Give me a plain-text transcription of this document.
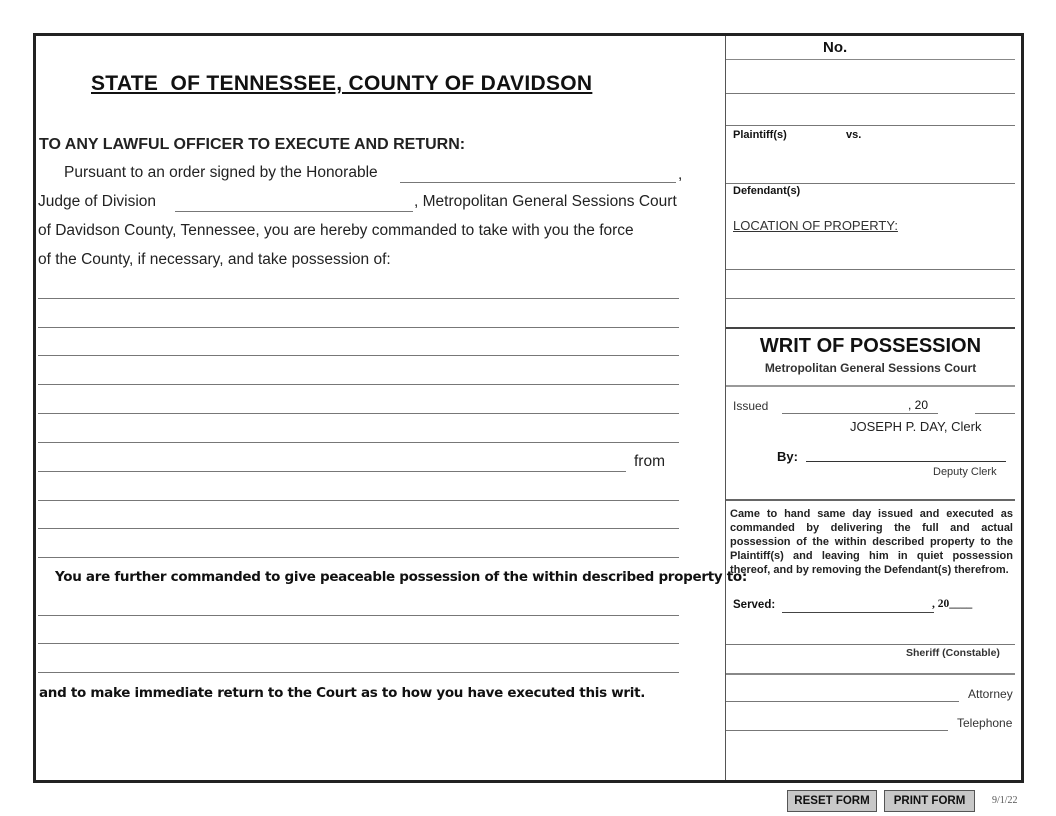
STATE  OF TENNESSEE, COUNTY OF DAVIDSON
TO ANY LAWFUL OFFICER TO EXECUTE AND RETURN:
Pursuant to an order signed by the Honorable	,
Judge of Division	, Metropolitan General Sessions Court
of Davidson County, Tennessee, you are hereby commanded to take with you the force
of the County, if necessary, and take possession of:
from
You are further commanded to give peaceable possession of the within described property to:
and to make immediate return to the Court as to how you have executed this writ.
No.
Plaintiff(s)	vs.
Defendant(s)
LOCATION OF PROPERTY:
WRIT OF POSSESSION
Metropolitan General Sessions Court
Issued	, 20
JOSEPH P. DAY, Clerk
By:
Deputy Clerk
Came to hand same day issued and executed as commanded by delivering the full and actual possession of the within described property to the Plaintiff(s) and leaving him in quiet possession thereof, and by removing the Defendant(s) therefrom.
Served:	, 20____
Sheriff (Constable)
Attorney
Telephone
RESET FORM	PRINT FORM	9/1/22
